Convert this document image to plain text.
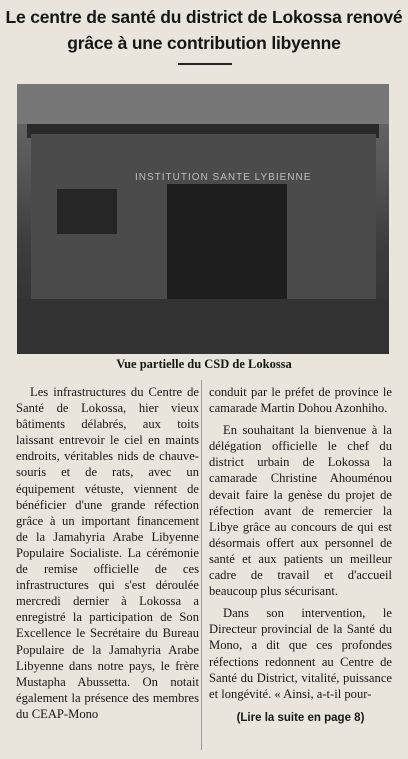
Le centre de santé du district de Lokossa renové
grâce à une contribution libyenne
INSTITUTION SANTE LYBIENNE
Vue partielle du CSD de Lokossa

Les infrastructures du Centre de Santé de Lokossa, hier vieux bâtiments délabrés, aux toits laissant entrevoir le ciel en maints endroits, véritables nids de chauve-souris et de rats, avec un équipement vétuste, viennent de bénéficier d'une grande réfection grâce à un important financement de la Jamahyria Arabe Libyenne Populaire Socialiste. La cérémonie de remise officielle de ces infrastructures qui s'est déroulée mercredi dernier à Lokossa a enregistré la participation de Son Excellence le Secrétaire du Bureau Populaire de la Jamahyria Arabe Libyenne dans notre pays, le frère Mustapha Abussetta. On notait également la présence des membres du CEAP-Mono

conduit par le préfet de province le camarade Martin Dohou Azonhiho.

En souhaitant la bienvenue à la délégation officielle le chef du district urbain de Lokossa la camarade Christine Ahouménou devait faire la genèse du projet de réfection avant de remercier la Libye grâce au concours de qui est désormais offert aux personnel de santé et aux patients un meilleur cadre de travail et d'accueil beaucoup plus sécurisant.

Dans son intervention, le Directeur provincial de la Santé du Mono, a dit que ces profondes réfections redonnent au Centre de Santé du District, vitalité, puissance et longévité. « Ainsi, a-t-il pour-

(Lire la suite en page 8)
